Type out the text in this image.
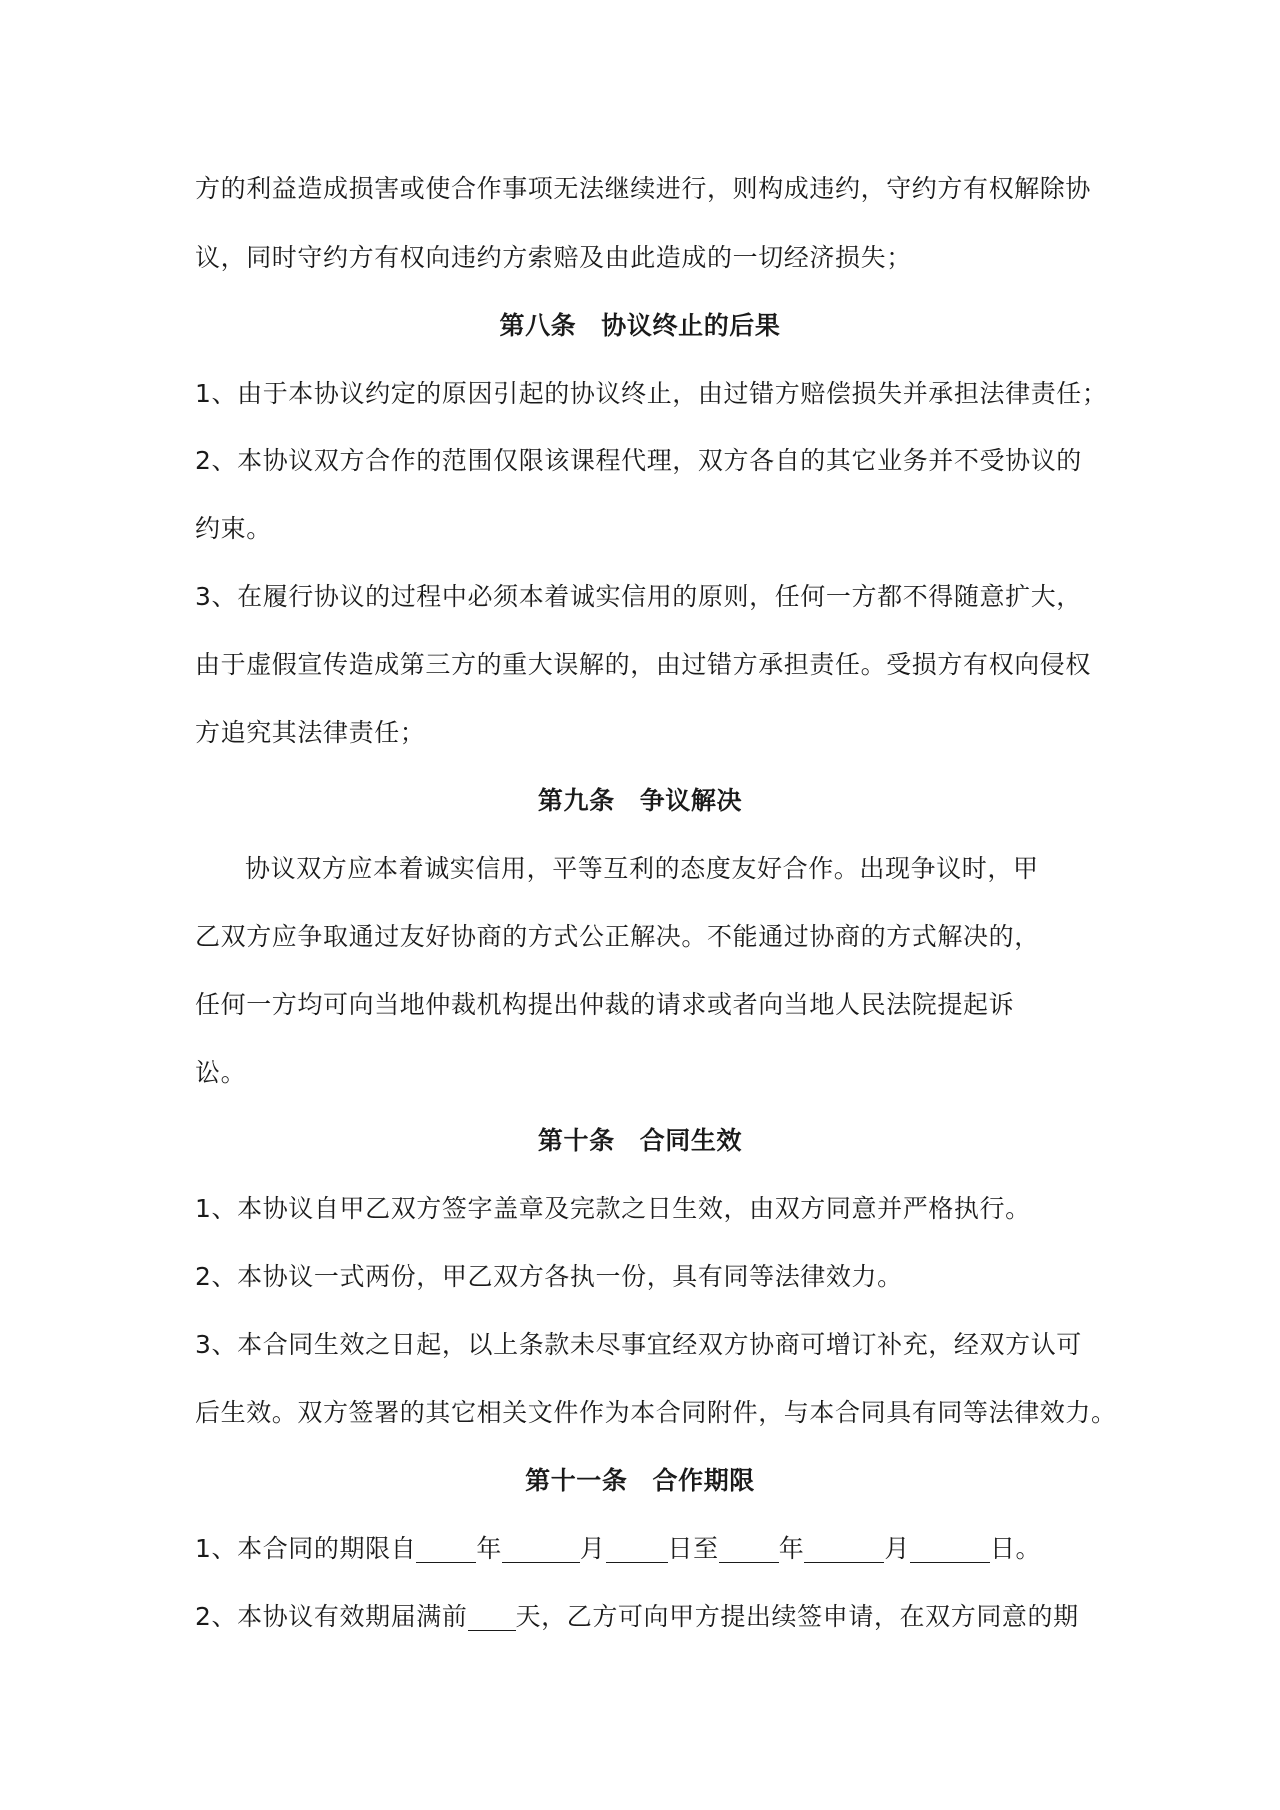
方的利益造成损害或使合作事项无法继续进行，则构成违约，守约方有权解除协
议，同时守约方有权向违约方索赔及由此造成的一切经济损失；
第八条 协议终止的后果
1、由于本协议约定的原因引起的协议终止，由过错方赔偿损失并承担法律责任；
2、本协议双方合作的范围仅限该课程代理，双方各自的其它业务并不受协议的
约束。
3、在履行协议的过程中必须本着诚实信用的原则，任何一方都不得随意扩大，
由于虚假宣传造成第三方的重大误解的，由过错方承担责任。受损方有权向侵权
方追究其法律责任；
第九条 争议解决
协议双方应本着诚实信用，平等互利的态度友好合作。出现争议时，甲
乙双方应争取通过友好协商的方式公正解决。不能通过协商的方式解决的，
任何一方均可向当地仲裁机构提出仲裁的请求或者向当地人民法院提起诉
讼。
第十条 合同生效
1、本协议自甲乙双方签字盖章及完款之日生效，由双方同意并严格执行。
2、本协议一式两份，甲乙双方各执一份，具有同等法律效力。
3、本合同生效之日起，以上条款未尽事宜经双方协商可增订补充，经双方认可
后生效。双方签署的其它相关文件作为本合同附件，与本合同具有同等法律效力。
第十一条 合作期限
1、本合同的期限自 年	月 日至 年	月	日。
2、本协议有效期届满前 天，乙方可向甲方提出续签申请，在双方同意的期
